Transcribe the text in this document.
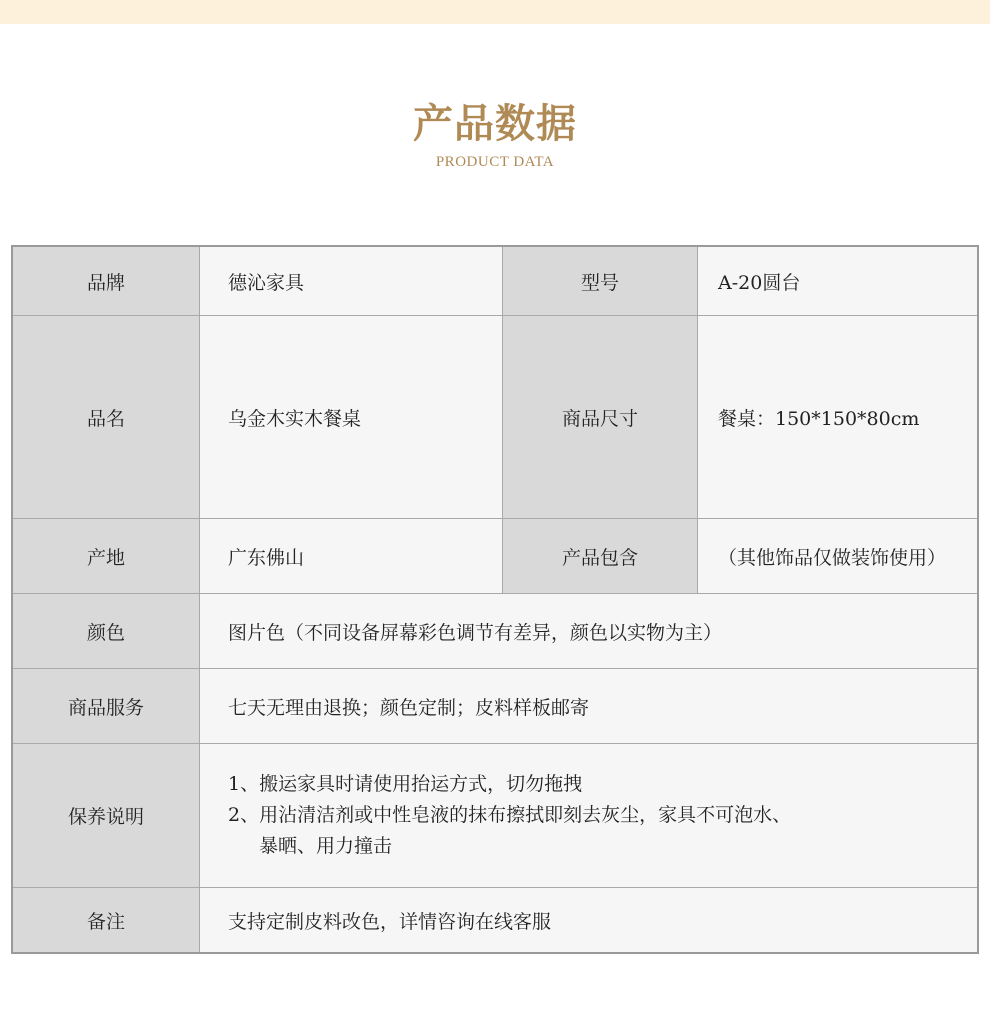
产品数据
PRODUCT DATA
品牌	德沁家具	型号	A-20圆台
品名	乌金木实木餐桌	商品尺寸	餐桌：150*150*80cm
产地	广东佛山	产品包含	（其他饰品仅做装饰使用）
颜色	图片色（不同设备屏幕彩色调节有差异，颜色以实物为主）		
商品服务	七天无理由退换；颜色定制；皮料样板邮寄		
保养说明	1、搬运家具时请使用抬运方式，切勿拖拽
2、用沾清洁剂或中性皂液的抹布擦拭即刻去灰尘，家具不可泡水、
暴晒、用力撞击		

备注	支持定制皮料改色，详情咨询在线客服		
